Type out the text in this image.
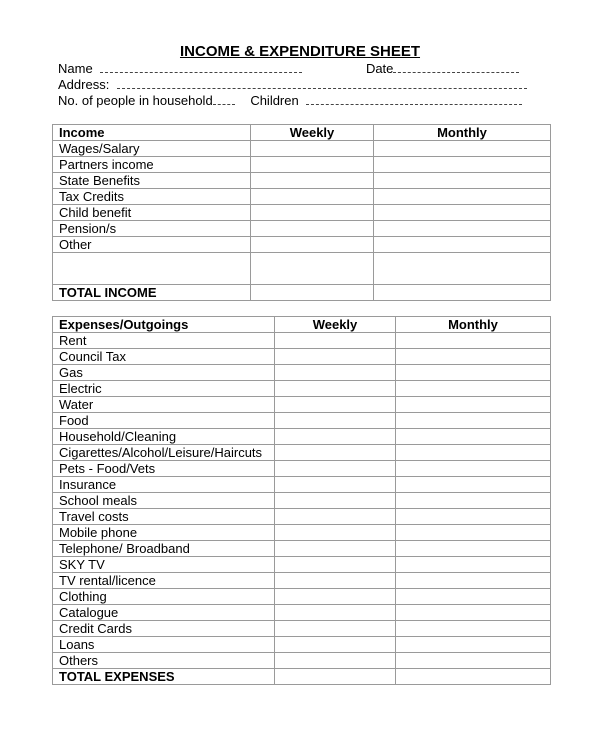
INCOME & EXPENDITURE SHEET
Name	Date
Address:
No. of people in household	Children
Income	Weekly	Monthly
Wages/Salary		
Partners income		
State Benefits		
Tax Credits		
Child benefit		
Pension/s		
Other		

TOTAL INCOME		
Expenses/Outgoings	Weekly	Monthly
Rent		
Council Tax		
Gas		
Electric		
Water		
Food		
Household/Cleaning		
Cigarettes/Alcohol/Leisure/Haircuts		
Pets - Food/Vets		
Insurance		
School meals		
Travel costs		
Mobile phone		
Telephone/ Broadband		
SKY TV		
TV rental/licence		
Clothing		
Catalogue		
Credit Cards		
Loans		
Others		
TOTAL EXPENSES		
